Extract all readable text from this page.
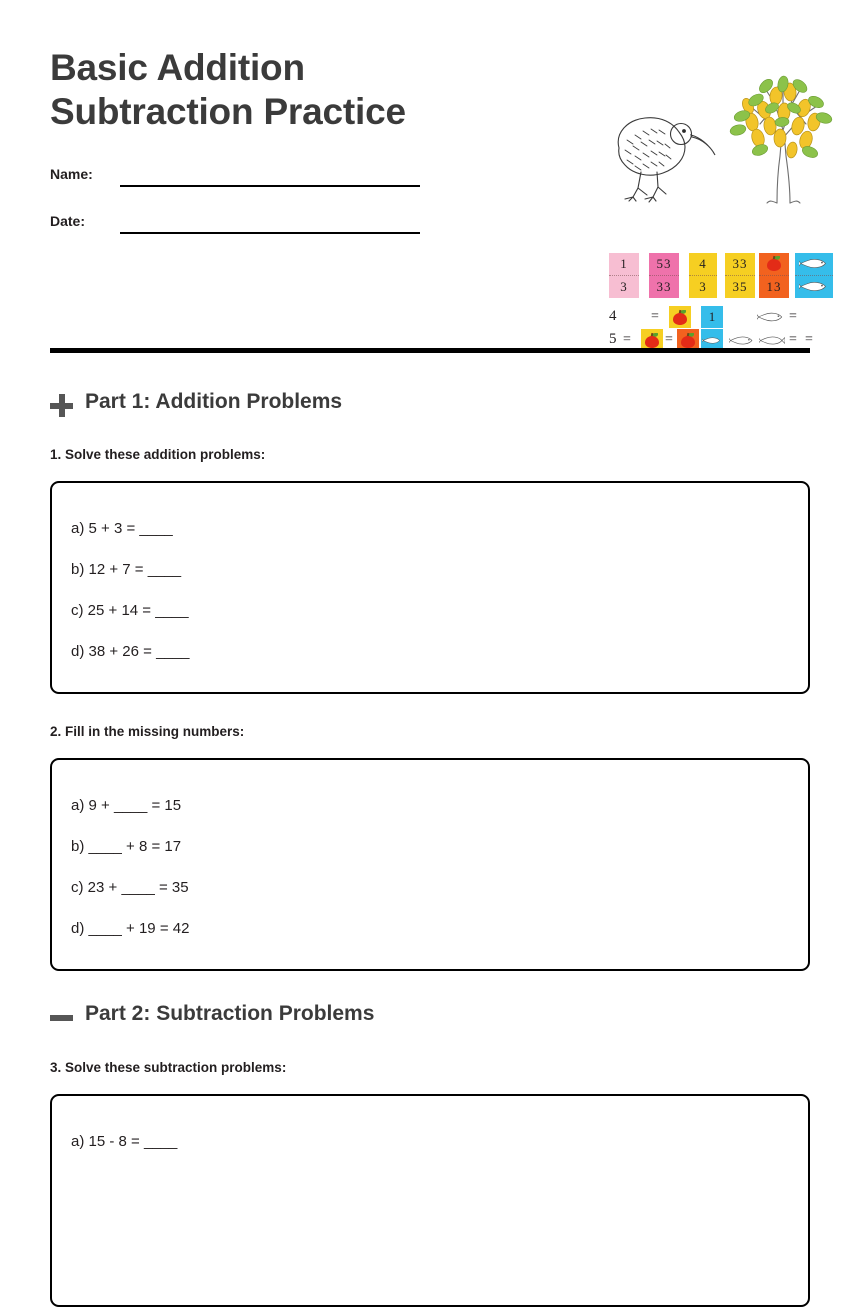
Basic Addition
Subtraction Practice
Name:
Date:
1
3
53
33
4
3
33
35	13
4 =	1	=
5 = =	= =
Part 1: Addition Problems
1. Solve these addition problems:
a) 5 + 3 = ____
b) 12 + 7 = ____
c) 25 + 14 = ____
d) 38 + 26 = ____
2. Fill in the missing numbers:
a) 9 + ____ = 15
b) ____ + 8 = 17
c) 23 + ____ = 35
d) ____ + 19 = 42
Part 2: Subtraction Problems
3. Solve these subtraction problems:
a) 15 - 8 = ____
